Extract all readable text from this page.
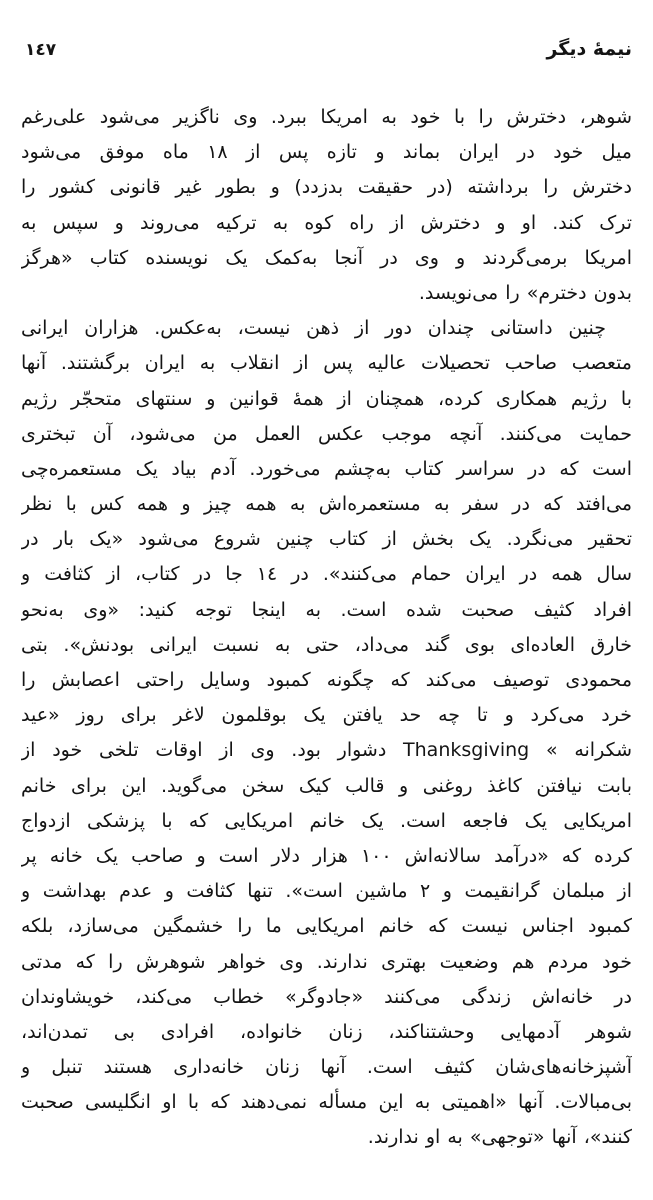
١٤٧	نیمهٔ دیگر
شوهر، دخترش را با خود به امریکا ببرد. وی ناگزیر می‌شود علی‌رغم
میل خود در ایران بماند و تازه پس از ١٨ ماه موفق می‌شود
دخترش را برداشته (در حقیقت بدزدد) و بطور غیر قانونی کشور را
ترک کند. او و دخترش از راه کوه به ترکیه می‌روند و سپس به
امریکا برمی‌گردند و وی در آنجا به‌کمک یک نویسنده کتاب «هرگز
بدون دخترم» را می‌نویسد.
چنین داستانی چندان دور از ذهن نیست، به‌عکس. هزاران ایرانی
متعصب صاحب تحصیلات عالیه پس از انقلاب به ایران برگشتند. آنها
با رژیم همکاری کرده، همچنان از همهٔ قوانین و سنتهای متحجّر رژیم
حمایت می‌کنند. آنچه موجب عکس العمل من می‌شود، آن تبختری
است که در سراسر کتاب به‌چشم می‌خورد. آدم بیاد یک مستعمره‌چی
می‌افتد که در سفر به مستعمره‌اش به همه چیز و همه کس با نظر
تحقیر می‌نگرد. یک بخش از کتاب چنین شروع می‌شود «یک بار در
سال همه در ایران حمام می‌کنند». در ١٤ جا در کتاب، از کثافت و
افراد کثیف صحبت شده است. به اینجا توجه کنید: «وی به‌نحو
خارق العاده‌ای بوی گند می‌داد، حتی به نسبت ایرانی بودنش». بتی
محمودی توصیف می‌کند که چگونه کمبود وسایل راحتی اعصابش را
خرد می‌کرد و تا چه حد یافتن یک بوقلمون لاغر برای روز «عید
شکرانه » Thanksgiving دشوار بود. وی از اوقات تلخی خود از
بابت نیافتن کاغذ روغنی و قالب کیک سخن می‌گوید. این برای خانم
امریکایی یک فاجعه است. یک خانم امریکایی که با پزشکی ازدواج
کرده که «درآمد سالانه‌اش ١٠٠ هزار دلار است و صاحب یک خانه پر
از مبلمان گرانقیمت و ٢ ماشین است». تنها کثافت و عدم بهداشت و
کمبود اجناس نیست که خانم امریکایی ما را خشمگین می‌سازد، بلکه
خود مردم هم وضعیت بهتری ندارند. وی خواهر شوهرش را که مدتی
در خانه‌اش زندگی می‌کنند «جادوگر» خطاب می‌کند، خویشاوندان
شوهر آدمهایی وحشتناکند، زنان خانواده، افرادی بی تمدن‌اند،
آشپزخانه‌های‌شان کثیف است. آنها زنان خانه‌داری هستند تنبل و
بی‌مبالات. آنها «اهمیتی به این مسأله نمی‌دهند که با او انگلیسی صحبت
کنند»، آنها «توجهی» به او ندارند.
